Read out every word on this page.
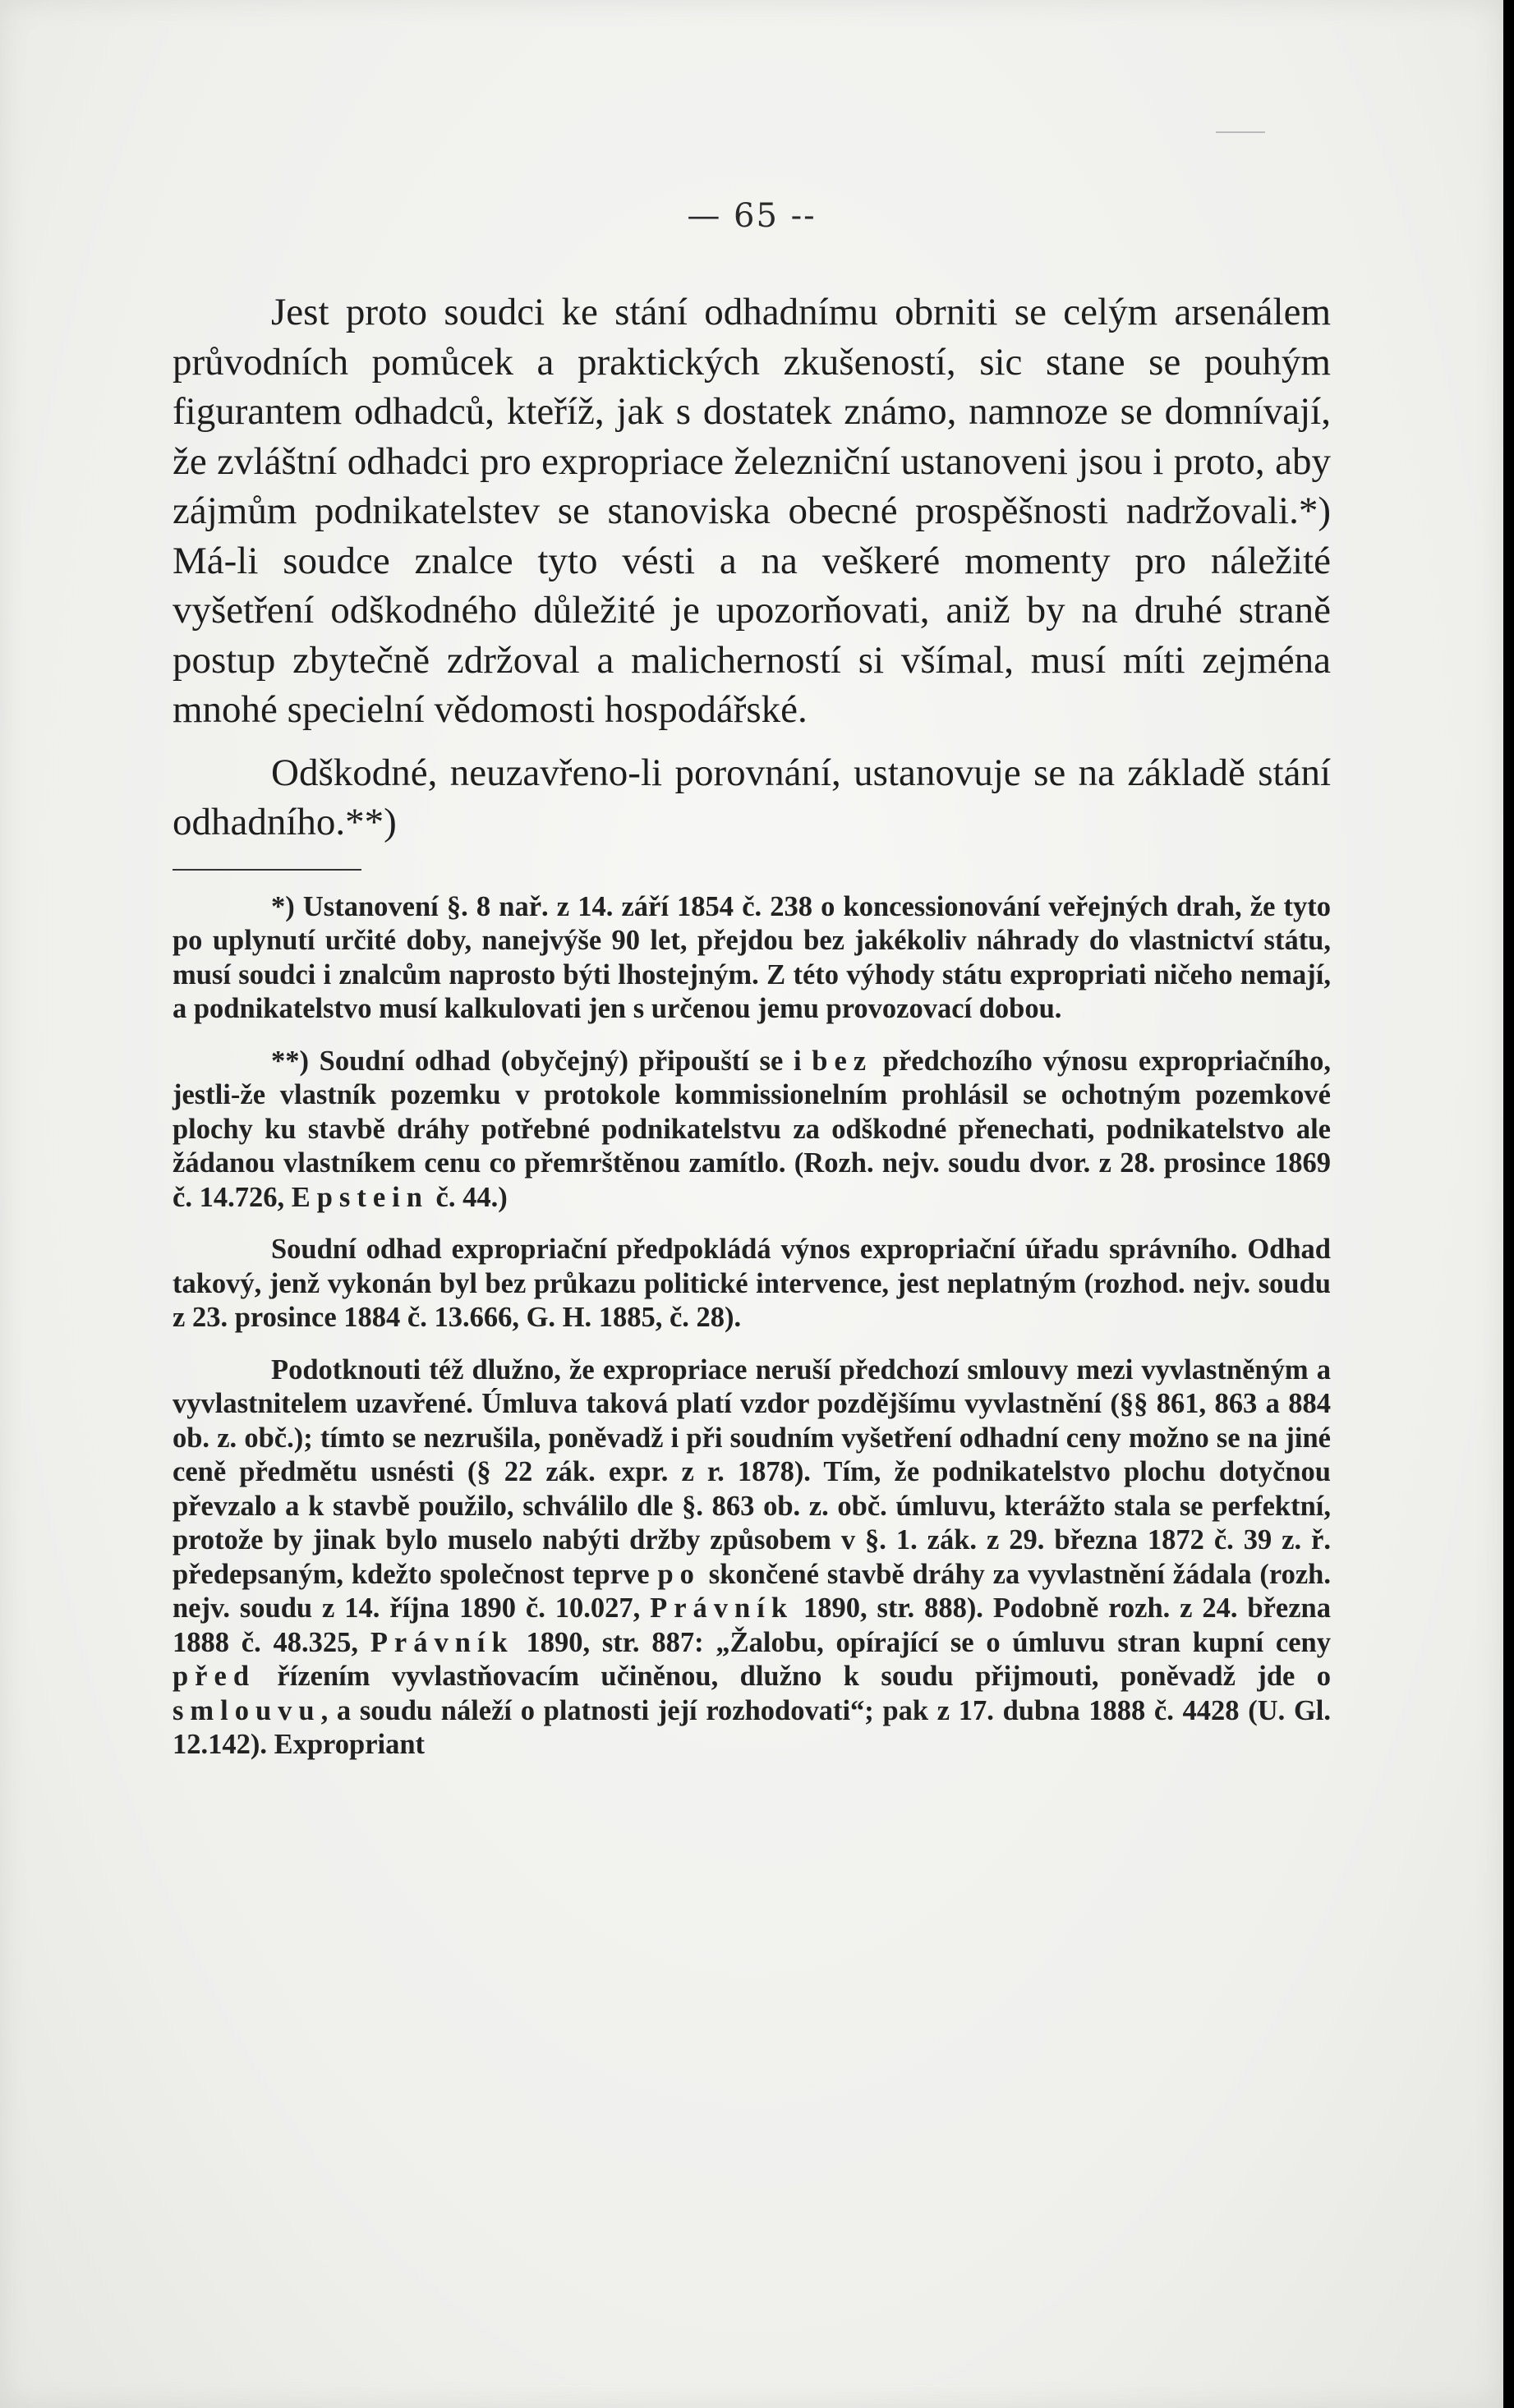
— 65 --

Jest proto soudci ke stání odhadnímu obrniti se celým arsenálem průvodních pomůcek a praktických zkušeností, sic stane se pouhým figurantem odhadců, kteříž, jak s dostatek známo, namnoze se domnívají, že zvláštní odhadci pro expropriace železniční ustanoveni jsou i proto, aby zájmům podnikatelstev se stanoviska obecné prospěšnosti nadržovali.*) Má-li soudce znalce tyto vésti a na veškeré momenty pro náležité vyšetření odškodného důležité je upozorňovati, aniž by na druhé straně postup zbytečně zdržoval a malicherností si všímal, musí míti zejména mnohé specielní vědomosti hospodářské.

Odškodné, neuzavřeno-li porovnání, ustanovuje se na základě stání odhadního.**)

*) Ustanovení §. 8 nař. z 14. září 1854 č. 238 o koncessionování veřejných drah, že tyto po uplynutí určité doby, nanejvýše 90 let, přejdou bez jakékoliv náhrady do vlastnictví státu, musí soudci i znalcům naprosto býti lhostejným. Z této výhody státu expropriati ničeho nemají, a podnikatelstvo musí kalkulovati jen s určenou jemu provozovací dobou.

**) Soudní odhad (obyčejný) připouští se i bez předchozího výnosu expropriačního, jestli-že vlastník pozemku v protokole kommissionelním prohlásil se ochotným pozemkové plochy ku stavbě dráhy potřebné podnikatelstvu za odškodné přenechati, podnikatelstvo ale žádanou vlastníkem cenu co přemrštěnou zamítlo. (Rozh. nejv. soudu dvor. z 28. prosince 1869 č. 14.726, Epstein č. 44.)

Soudní odhad expropriační předpokládá výnos expropriační úřadu správního. Odhad takový, jenž vykonán byl bez průkazu politické intervence, jest neplatným (rozhod. nejv. soudu z 23. prosince 1884 č. 13.666, G. H. 1885, č. 28).

Podotknouti též dlužno, že expropriace neruší předchozí smlouvy mezi vyvlastněným a vyvlastnitelem uzavřené. Úmluva taková platí vzdor pozdějšímu vyvlastnění (§§ 861, 863 a 884 ob. z. obč.); tímto se nezrušila, poněvadž i při soudním vyšetření odhadní ceny možno se na jiné ceně předmětu usnésti (§ 22 zák. expr. z r. 1878). Tím, že podnikatelstvo plochu dotyčnou převzalo a k stavbě použilo, schválilo dle §. 863 ob. z. obč. úmluvu, kterážto stala se perfektní, protože by jinak bylo muselo nabýti držby způsobem v §. 1. zák. z 29. března 1872 č. 39 z. ř. předepsaným, kdežto společnost teprve po skončené stavbě dráhy za vyvlastnění žádala (rozh. nejv. soudu z 14. října 1890 č. 10.027, Právník 1890, str. 888). Podobně rozh. z 24. března 1888 č. 48.325, Právník 1890, str. 887: „Žalobu, opírající se o úmluvu stran kupní ceny před řízením vyvlastňovacím učiněnou, dlužno k soudu přijmouti, poněvadž jde o smlouvu, a soudu náleží o platnosti její rozhodovati“; pak z 17. dubna 1888 č. 4428 (U. Gl. 12.142). Expropriant
